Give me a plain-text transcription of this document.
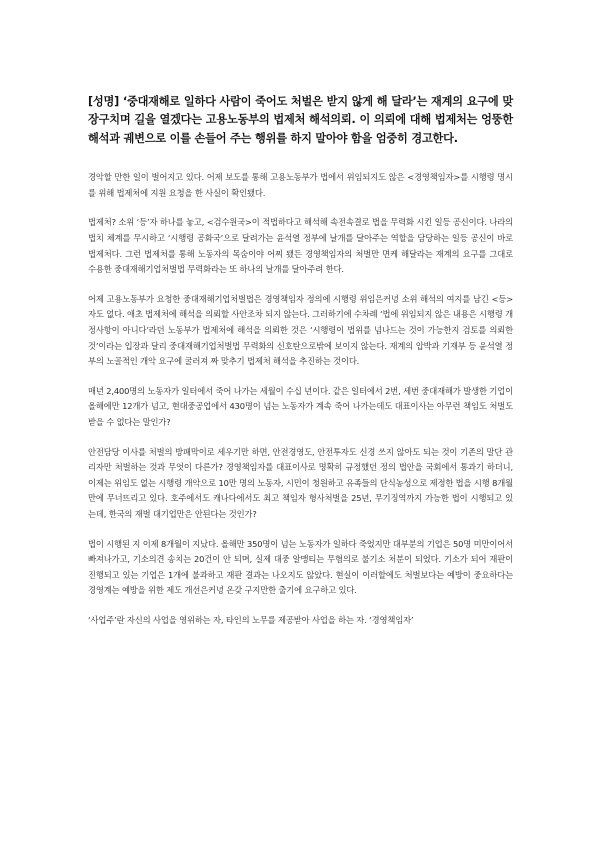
[성명] ‘중대재해로 일하다 사람이 죽어도 처벌은 받지 않게 해 달라’는 재계의 요구에 맞장구치며 길을 열겠다는 고용노동부의 법제처 해석의뢰. 이 의뢰에 대해 법제처는 엉뚱한 해석과 궤변으로 이를 손들어 주는 행위를 하지 말아야 함을 엄중히 경고한다.

경악할 만한 일이 벌어지고 있다. 어제 보도를 통해 고용노동부가 법에서 위임되지도 않은 <경영책임자>를 시행령 명시를 위해 법제처에 지원 요청을 한 사실이 확인됐다.

법제처? 소위 ‘등’자 하나를 놓고, <검수원국>이 적법하다고 해석해 속전속결로 법을 무력화 시킨 일등 공신이다. 나라의 법치 체계를 무시하고 ‘시행령 공화국’으로 달려가는 윤석열 정부에 날개를 달아주는 역할을 담당하는 일등 공신이 바로 법제처다. 그런 법제처를 통해 노동자의 목숨이야 어찌 됐든 경영책임자의 처벌만 면케 해달라는 재계의 요구를 그대로 수용한 중대재해기업처벌법 무력화라는 또 하나의 날개를 달아주려 한다.

어제 고용노동부가 요청한 중대재해기업처벌법은 경영책임자 정의에 시행령 위임은커녕 소위 해석의 여지를 남긴 <등> 자도 없다. 애초 법제처에 해석을 의뢰할 사안조차 되지 않는다. 그러하기에 수차례 ‘법에 위임되지 않은 내용은 시행령 개정사항이 아니다’라던 노동부가 법제처에 해석을 의뢰한 것은 ‘시행령이 법위를 넘나드는 것이 가능한지 검토를 의뢰한 것’이라는 입장과 달리 중대재해기업처벌법 무력화의 신호탄으로밖에 보이지 않는다. 재계의 압박과 기재부 등 윤석열 정부의 노골적인 개악 요구에 굴러져 짜 맞추기 법제처 해석을 추진하는 것이다.

매년 2,400명의 노동자가 일터에서 죽어 나가는 세월이 수십 년이다. 같은 일터에서 2번, 세번 중대재해가 발생한 기업이 올해에만 12개가 넘고, 현대중공업에서 430명이 넘는 노동자가 계속 죽어 나가는데도 대표이사는 아무런 책임도 처벌도 받을 수 없다는 말인가?

안전담당 이사를 처벌의 방패막이로 세우기만 하면, 안전경영도, 안전투자도 신경 쓰지 않아도 되는 것이 기존의 말단 관리자만 처벌하는 것과 무엇이 다른가? 경영책임자를 대표이사로 명확히 규정했던 정의 법안을 국회에서 통과기 하더니, 이제는 위임도 없는 시행령 개악으로 10만 명의 노동자, 시민이 청원하고 유족들의 단식농성으로 제정한 법을 시행 8개월 만에 무너뜨리고 있다. 호주에서도 캐나다에서도 최고 책임자 형사처벌을 25년, 무기징역까지 가능한 법이 시행되고 있는데, 한국의 재벌 대기업만은 안된다는 것인가?

법이 시행된 지 이제 8개월이 지났다. 올해만 350명이 넘는 노동자가 일하다 죽었지만 대부분의 기업은 50명 미만이어서 빠져나가고, 기소의견 송치는 20건이 안 되며, 실제 대중 알맹티는 무혐의로 불기소 처분이 되었다. 기소가 되어 재판이 진행되고 있는 기업은 1개에 불과하고 재판 결과는 나오지도 않았다. 현실이 이러할에도 처벌보다는 예방이 중요하다는 경영계는 예방을 위한 제도 개선은커녕 온갖 구지만한 출기에 요구하고 있다.

‘사업주’란 자신의 사업을 영위하는 자, 타인의 노무를 제공받아 사업을 하는 자. ‘경영책임자’
